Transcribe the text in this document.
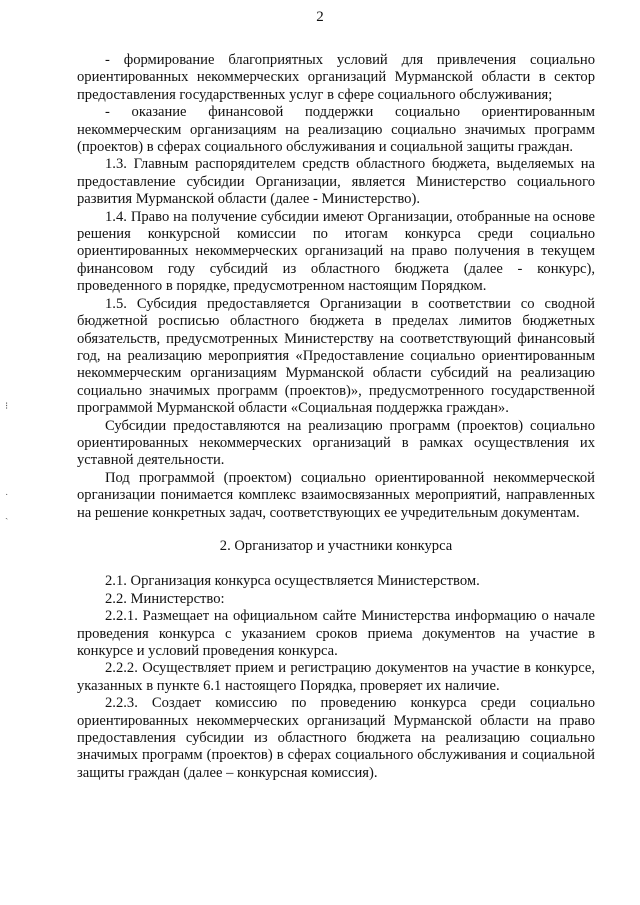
2
⁝
˙
ˎ

- формирование благоприятных условий для привлечения социально ориентированных некоммерческих организаций Мурманской области в сектор предоставления государственных услуг в сфере социального обслуживания;

- оказание финансовой поддержки социально ориентированным некоммерческим организациям на реализацию социально значимых программ (проектов) в сферах социального обслуживания и социальной защиты граждан.

1.3. Главным распорядителем средств областного бюджета, выделяемых на предоставление субсидии Организации, является Министерство социального развития Мурманской области (далее - Министерство).

1.4. Право на получение субсидии имеют Организации, отобранные на основе решения конкурсной комиссии по итогам конкурса среди социально ориентированных некоммерческих организаций на право получения в текущем финансовом году субсидий из областного бюджета (далее - конкурс), проведенного в порядке, предусмотренном настоящим Порядком.

1.5. Субсидия предоставляется Организации в соответствии со сводной бюджетной росписью областного бюджета в пределах лимитов бюджетных обязательств, предусмотренных Министерству на соответствующий финансовый год, на реализацию мероприятия «Предоставление социально ориентированным некоммерческим организациям Мурманской области субсидий на реализацию социально значимых программ (проектов)», предусмотренного государственной программой Мурманской области «Социальная поддержка граждан».

Субсидии предоставляются на реализацию программ (проектов) социально ориентированных некоммерческих организаций в рамках осуществления их уставной деятельности.

Под программой (проектом) социально ориентированной некоммерческой организации понимается комплекс взаимосвязанных мероприятий, направленных на решение конкретных задач, соответствующих ее учредительным документам.

2. Организатор и участники конкурса

2.1. Организация конкурса осуществляется Министерством.

2.2. Министерство:

2.2.1. Размещает на официальном сайте Министерства информацию о начале проведения конкурса с указанием сроков приема документов на участие в конкурсе и условий проведения конкурса.

2.2.2. Осуществляет прием и регистрацию документов на участие в конкурсе, указанных в пункте 6.1 настоящего Порядка, проверяет их наличие.

2.2.3. Создает комиссию по проведению конкурса среди социально ориентированных некоммерческих организаций Мурманской области на право предоставления субсидии из областного бюджета на реализацию социально значимых программ (проектов) в сферах социального обслуживания и социальной защиты граждан (далее – конкурсная комиссия).
